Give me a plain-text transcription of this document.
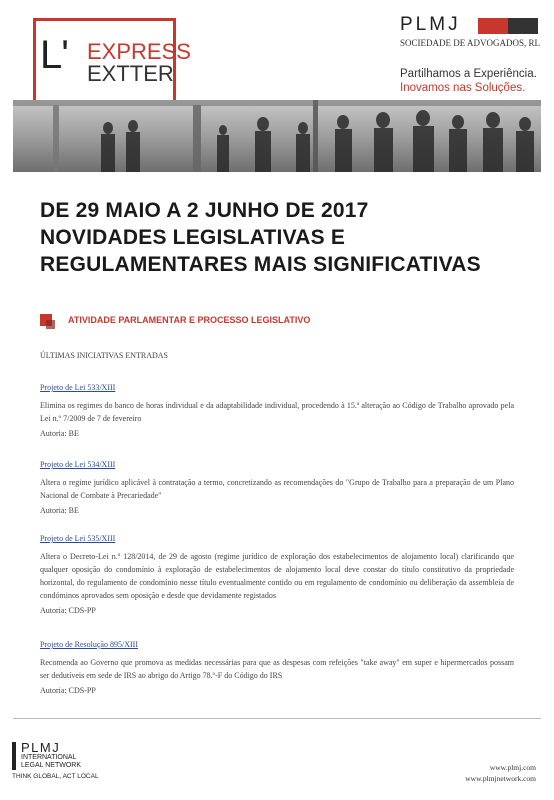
L' EXPRESS
EXTTER
PLMJ
SOCIEDADE DE ADVOGADOS, RL
Partilhamos a Experiência.
Inovamos nas Soluções.
DE 29 MAIO A 2 JUNHO DE 2017
NOVIDADES LEGISLATIVAS E
REGULAMENTARES MAIS SIGNIFICATIVAS
ATIVIDADE PARLAMENTAR E PROCESSO LEGISLATIVO
ÚLTIMAS INICIATIVAS ENTRADAS
Projeto de Lei 533/XIII
Elimina os regimes do banco de horas individual e da adaptabilidade individual, procedendo à 15.ª alteração ao Código de Trabalho aprovado pela Lei n.º 7/2009 de 7 de fevereiro
Autoria: BE
Projeto de Lei 534/XIII
Altera o regime jurídico aplicável à contratação a termo, concretizando as recomendações do "Grupo de Trabalho para a preparação de um Plano Nacional de Combate à Precariedade"
Autoria: BE
Projeto de Lei 535/XIII
Altera o Decreto-Lei n.º 128/2014, de 29 de agosto (regime jurídico de exploração dos estabelecimentos de alojamento local) clarificando que qualquer oposição do condomínio à exploração de estabelecimentos de alojamento local deve constar do título constitutivo da propriedade horizontal, do regulamento de condomínio nesse título eventualmente contido ou em regulamento de condomínio ou deliberação da assembleia de condóminos aprovados sem oposição e desde que devidamente registados
Autoria: CDS-PP
Projeto de Resolução 895/XIII
Recomenda ao Governo que promova as medidas necessárias para que as despesas com refeições "take away" em super e hipermercados possam ser dedutíveis em sede de IRS ao abrigo do Artigo 78.º-F do Código do IRS
Autoria: CDS-PP
PLMJ
INTERNATIONAL
LEGAL NETWORK
THINK GLOBAL, ACT LOCAL
www.plmj.com
www.plmjnetwork.com
